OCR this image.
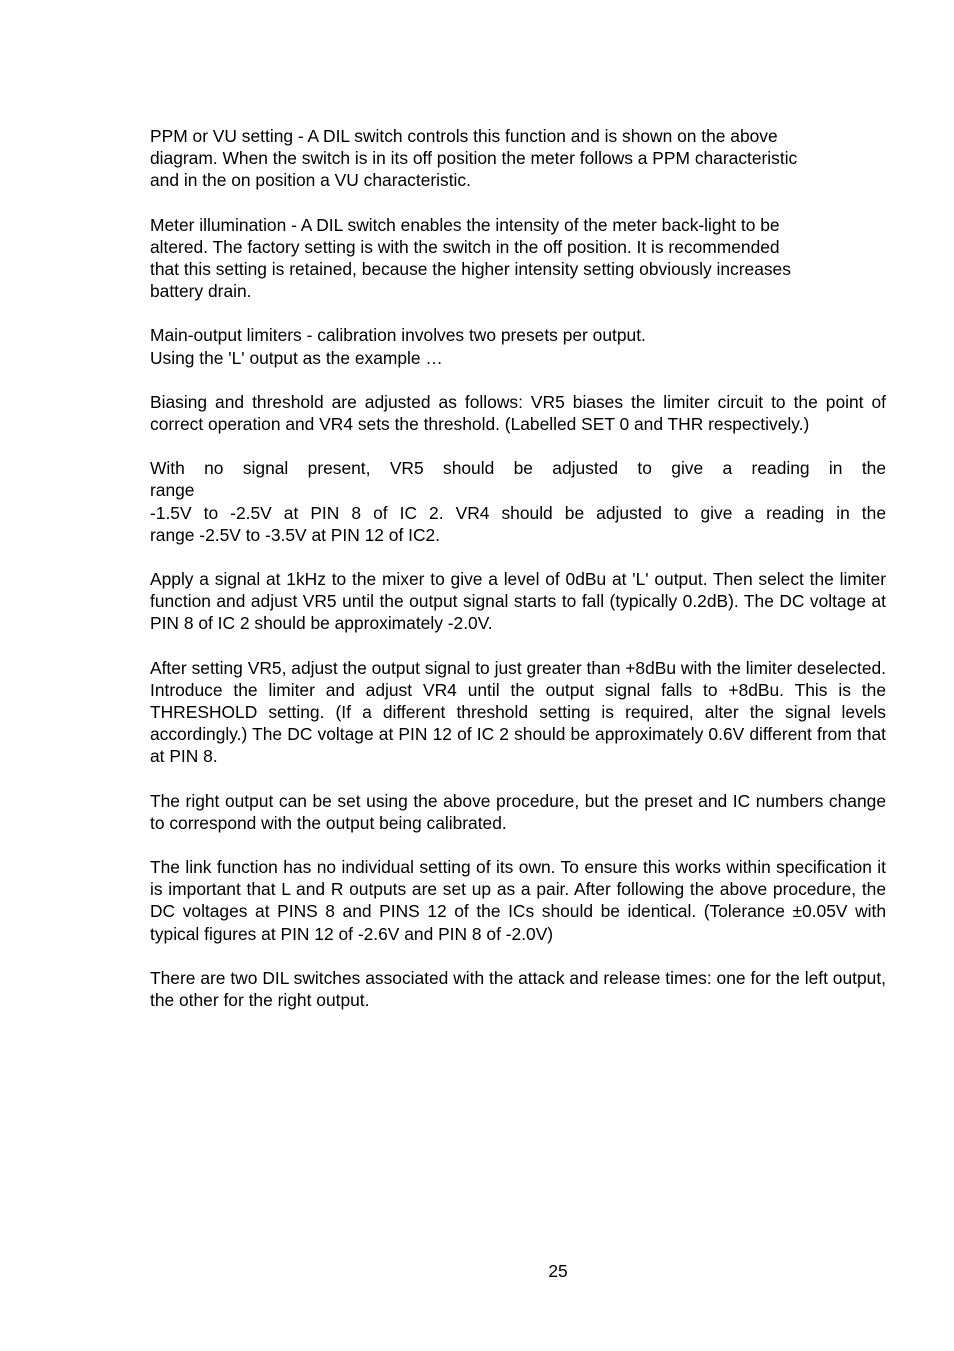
PPM or VU setting - A DIL switch controls this function and is shown on the above
diagram. When the switch is in its off position the meter follows a PPM characteristic
and in the on position a VU characteristic.

Meter illumination - A DIL switch enables the intensity of the meter back-light to be
altered. The factory setting is with the switch in the off position. It is recommended
that this setting is retained, because the higher intensity setting obviously increases
battery drain.

Main-output limiters - calibration involves two presets per output.
Using the 'L' output as the example …

Biasing and threshold are adjusted as follows: VR5 biases the limiter circuit to the point of correct operation and VR4 sets the threshold. (Labelled SET 0 and THR respectively.)

With no signal present, VR5 should be adjusted to give a reading in the
range
-1.5V to -2.5V at PIN 8 of IC 2. VR4 should be adjusted to give a reading in the
range -2.5V to -3.5V at PIN 12 of IC2.

Apply a signal at 1kHz to the mixer to give a level of 0dBu at 'L' output. Then select the limiter function and adjust VR5 until the output signal starts to fall (typically 0.2dB). The DC voltage at PIN 8 of IC 2 should be approximately -2.0V.

After setting VR5, adjust the output signal to just greater than +8dBu with the limiter deselected. Introduce the limiter and adjust VR4 until the output signal falls to +8dBu. This is the THRESHOLD setting. (If a different threshold setting is required, alter the signal levels accordingly.) The DC voltage at PIN 12 of IC 2 should be approximately 0.6V different from that at PIN 8.

The right output can be set using the above procedure, but the preset and IC numbers change to correspond with the output being calibrated.

The link function has no individual setting of its own. To ensure this works within specification it is important that L and R outputs are set up as a pair. After following the above procedure, the DC voltages at PINS 8 and PINS 12 of the ICs should be identical. (Tolerance ±0.05V with typical figures at PIN 12 of -2.6V and PIN 8 of -2.0V)

There are two DIL switches associated with the attack and release times: one for the left output, the other for the right output.

25
